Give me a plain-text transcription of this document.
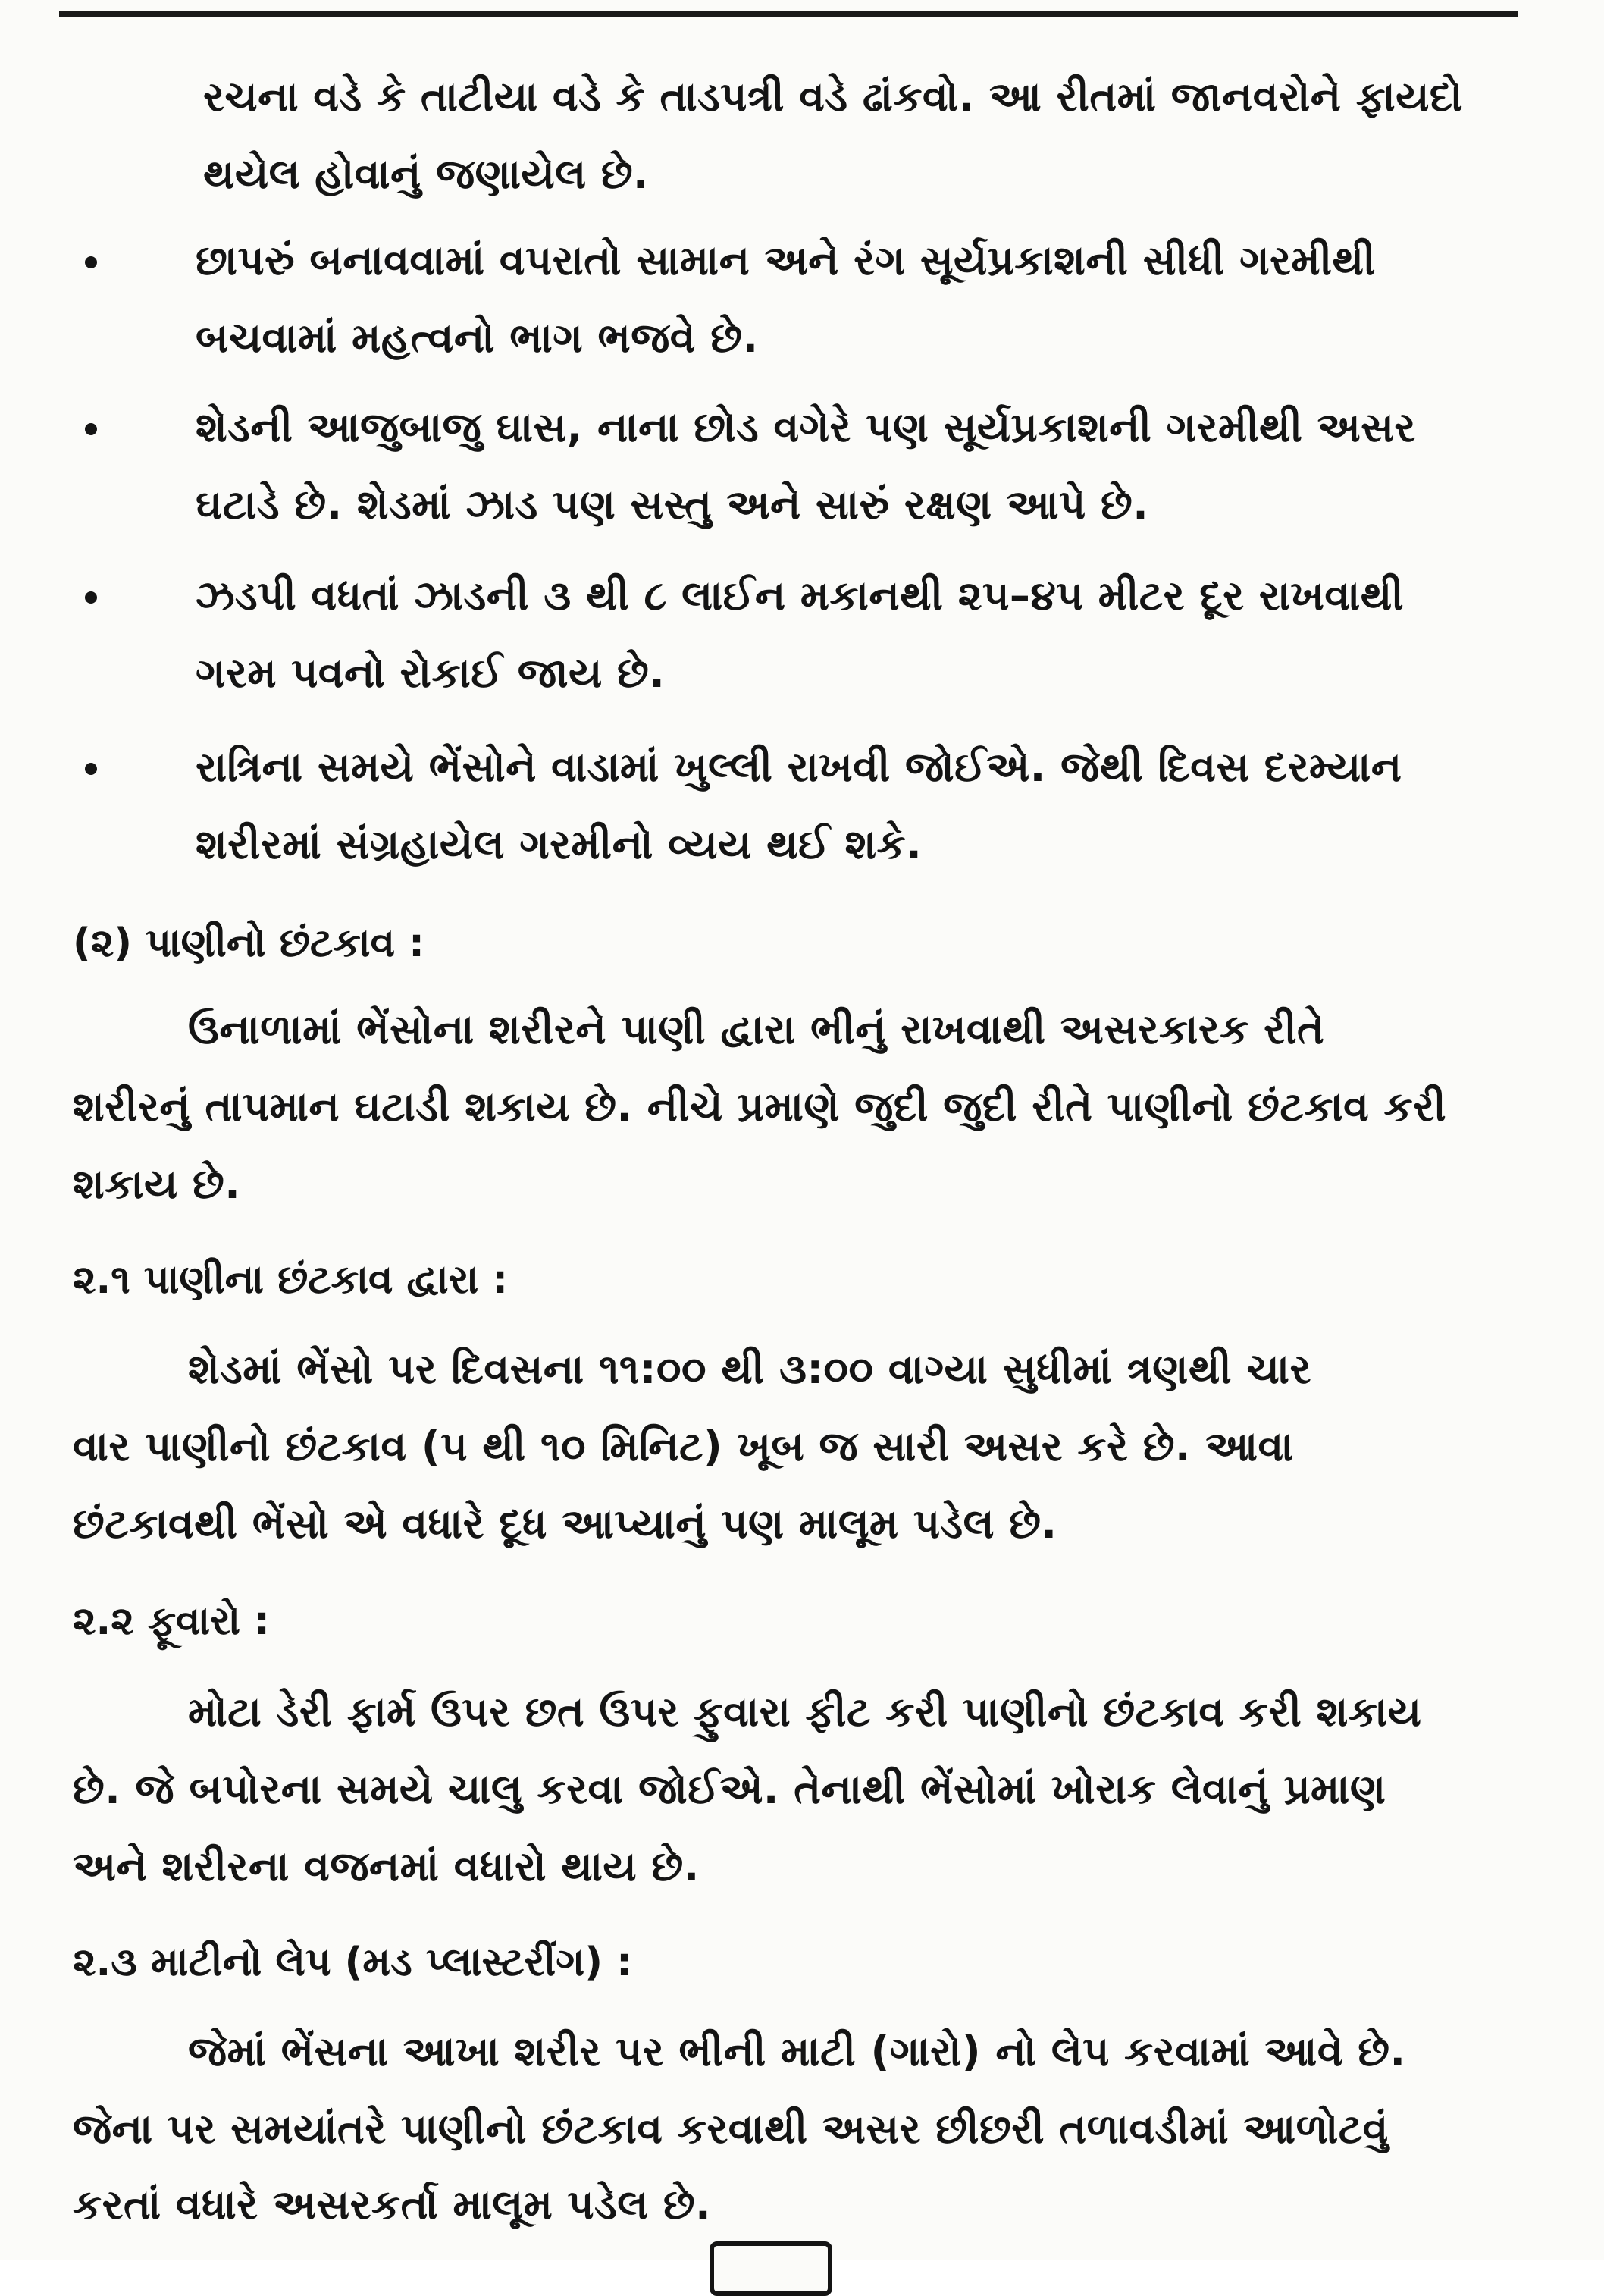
રચના વડે કે તાટીયા વડે કે તાડપત્રી વડે ઢાંકવો. આ રીતમાં જાનવરોને ફાયદો
થયેલ હોવાનું જણાયેલ છે.
છાપરું બનાવવામાં વપરાતો સામાન અને રંગ સૂર્યપ્રકાશની સીધી ગરમીથી
બચવામાં મહત્વનો ભાગ ભજવે છે.
શેડની આજુબાજુ ઘાસ, નાના છોડ વગેરે પણ સૂર્યપ્રકાશની ગરમીથી અસર
ઘટાડે છે. શેડમાં ઝાડ પણ સસ્તુ અને સારું રક્ષણ આપે છે.
ઝડપી વધતાં ઝાડની ૩ થી ૮ લાઈન મકાનથી ૨૫–૪૫ મીટર દૂર રાખવાથી
ગરમ પવનો રોકાઈ જાય છે.
રાત્રિના સમયે ભેંસોને વાડામાં ખુલ્લી રાખવી જોઈએ. જેથી દિવસ દરમ્યાન
શરીરમાં સંગ્રહાયેલ ગરમીનો વ્યય થઈ શકે.
(૨) પાણીનો છંટકાવ :
ઉનાળામાં ભેંસોના શરીરને પાણી દ્વારા ભીનું રાખવાથી અસરકારક રીતે
શરીરનું તાપમાન ઘટાડી શકાય છે. નીચે પ્રમાણે જુદી જુદી રીતે પાણીનો છંટકાવ કરી
શકાય છે.
૨.૧ પાણીના છંટકાવ દ્વારા :
શેડમાં ભેંસો પર દિવસના ૧૧:૦૦ થી ૩:૦૦ વાગ્યા સુધીમાં ત્રણથી ચાર
વાર પાણીનો છંટકાવ (૫ થી ૧૦ મિનિટ) ખૂબ જ સારી અસર કરે છે. આવા
છંટકાવથી ભેંસો એ વધારે દૂધ આપ્યાનું પણ માલૂમ પડેલ છે.
૨.૨ ફૂવારો :
મોટા ડેરી ફાર્મ ઉપર છત ઉપર ફુવારા ફીટ કરી પાણીનો છંટકાવ કરી શકાય
છે. જે બપોરના સમયે ચાલુ કરવા જોઈએ. તેનાથી ભેંસોમાં ખોરાક લેવાનું પ્રમાણ
અને શરીરના વજનમાં વધારો થાય છે.
૨.૩ માટીનો લેપ (મડ પ્લાસ્ટરીંગ) :
જેમાં ભેંસના આખા શરીર પર ભીની માટી (ગારો) નો લેપ કરવામાં આવે છે.
જેના પર સમયાંતરે પાણીનો છંટકાવ કરવાથી અસર છીછરી તળાવડીમાં આળોટવું
કરતાં વધારે અસરકર્તા માલૂમ પડેલ છે.
